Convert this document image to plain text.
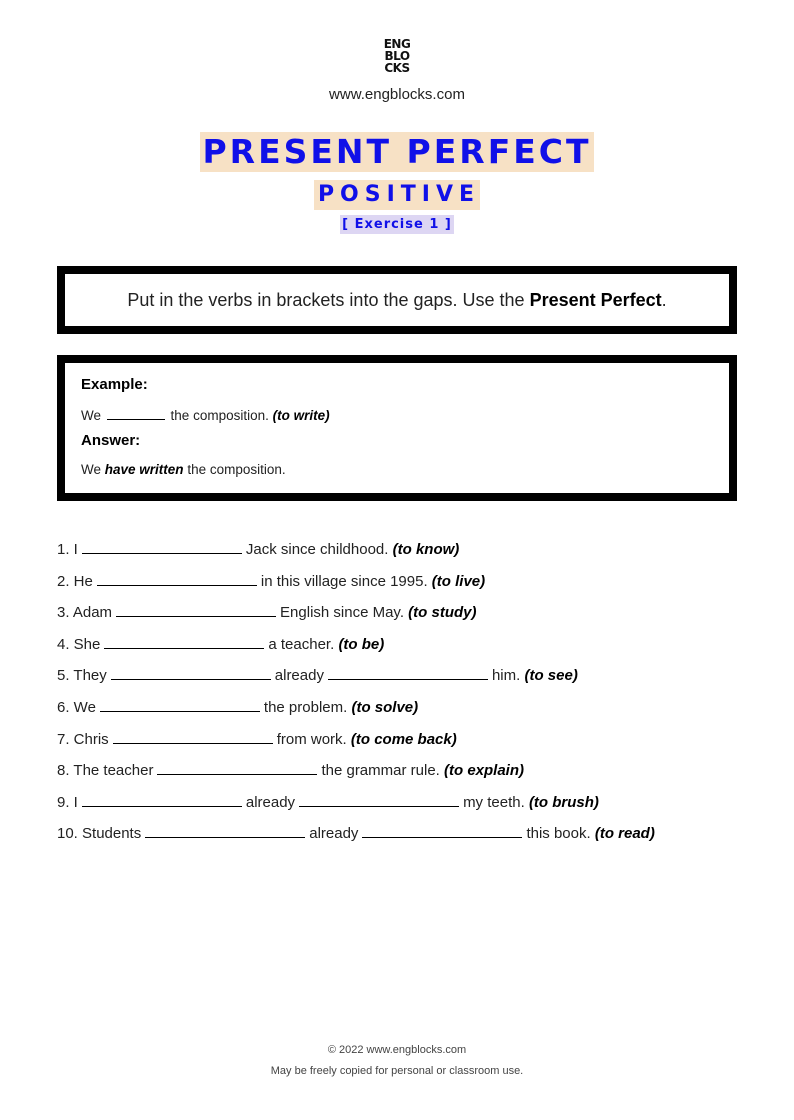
ENG
BLO
CKS
www.engblocks.com
PRESENT PERFECT
POSITIVE
[ Exercise 1 ]
Put in the verbs in brackets into the gaps. Use the Present Perfect.
Example:
We	the composition. (to write)
Answer:
We have written the composition.
1. I	Jack since childhood. (to know)
2. He	in this village since 1995. (to live)
3. Adam	English since May. (to study)
4. She	a teacher. (to be)
5. They	already	him. (to see)
6. We	the problem. (to solve)
7. Chris	from work. (to come back)
8. The teacher	the grammar rule. (to explain)
9. I	already	my teeth. (to brush)
10. Students	already	this book. (to read)
© 2022 www.engblocks.com
May be freely copied for personal or classroom use.
